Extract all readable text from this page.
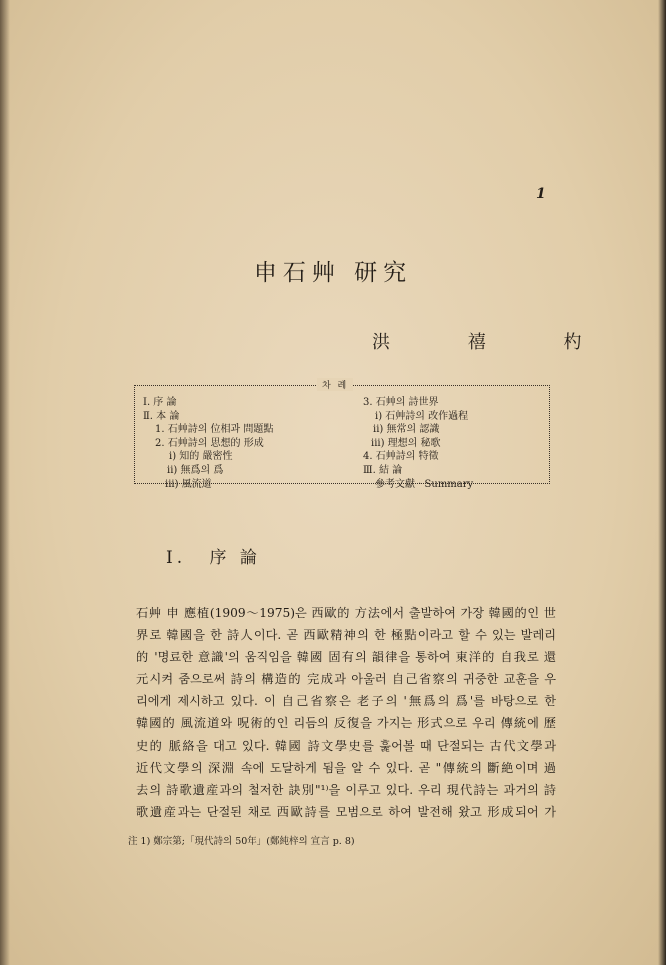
1
申石艸 研究
洪 禧 杓
차 례
Ⅰ. 序 論
Ⅱ. 本 論
1. 石艸詩의 位相과 問題點
2. 石艸詩의 思想的 形成
i) 知的 嚴密性
ii) 無爲의 爲
iii) 風流道
3. 石艸의 詩世界
i) 石艸詩의 改作過程
ii) 無常의 認識
iii) 理想의 秘歌
4. 石艸詩의 特徵
Ⅲ. 結 論
參考文獻 · Summary
Ⅰ. 序 論
石艸 申 應植(1909～1975)은 西歐的 方法에서 출발하여 가장 韓國的인 世
界로 韓國을 한 詩人이다. 곧 西歐精神의 한 極點이라고 할 수 있는 발레리
的 '명료한 意識'의 움직임을 韓國 固有의 韻律을 통하여 東洋的 自我로 還
元시켜 줌으로써 詩의 構造的 完成과 아울러 自己省察의 귀중한 교훈을 우
리에게 제시하고 있다. 이 自己省察은 老子의 '無爲의 爲'를 바탕으로 한
韓國的 風流道와 呪術的인 리듬의 反復을 가지는 形式으로 우리 傳統에 歷
史的 脈絡을 대고 있다. 韓國 詩文學史를 훑어볼 때 단절되는 古代文學과
近代文學의 深淵 속에 도달하게 됨을 알 수 있다. 곧 "傳統의 斷絶이며 過
去의 詩歌遺産과의 철저한 訣別"¹⁾을 이루고 있다. 우리 現代詩는 과거의 詩
歌遺産과는 단절된 채로 西歐詩를 모범으로 하여 발전해 왔고 形成되어 가
注 1) 鄭宗第;「現代詩의 50年」(鄭純梓의 宣言 p. 8)
